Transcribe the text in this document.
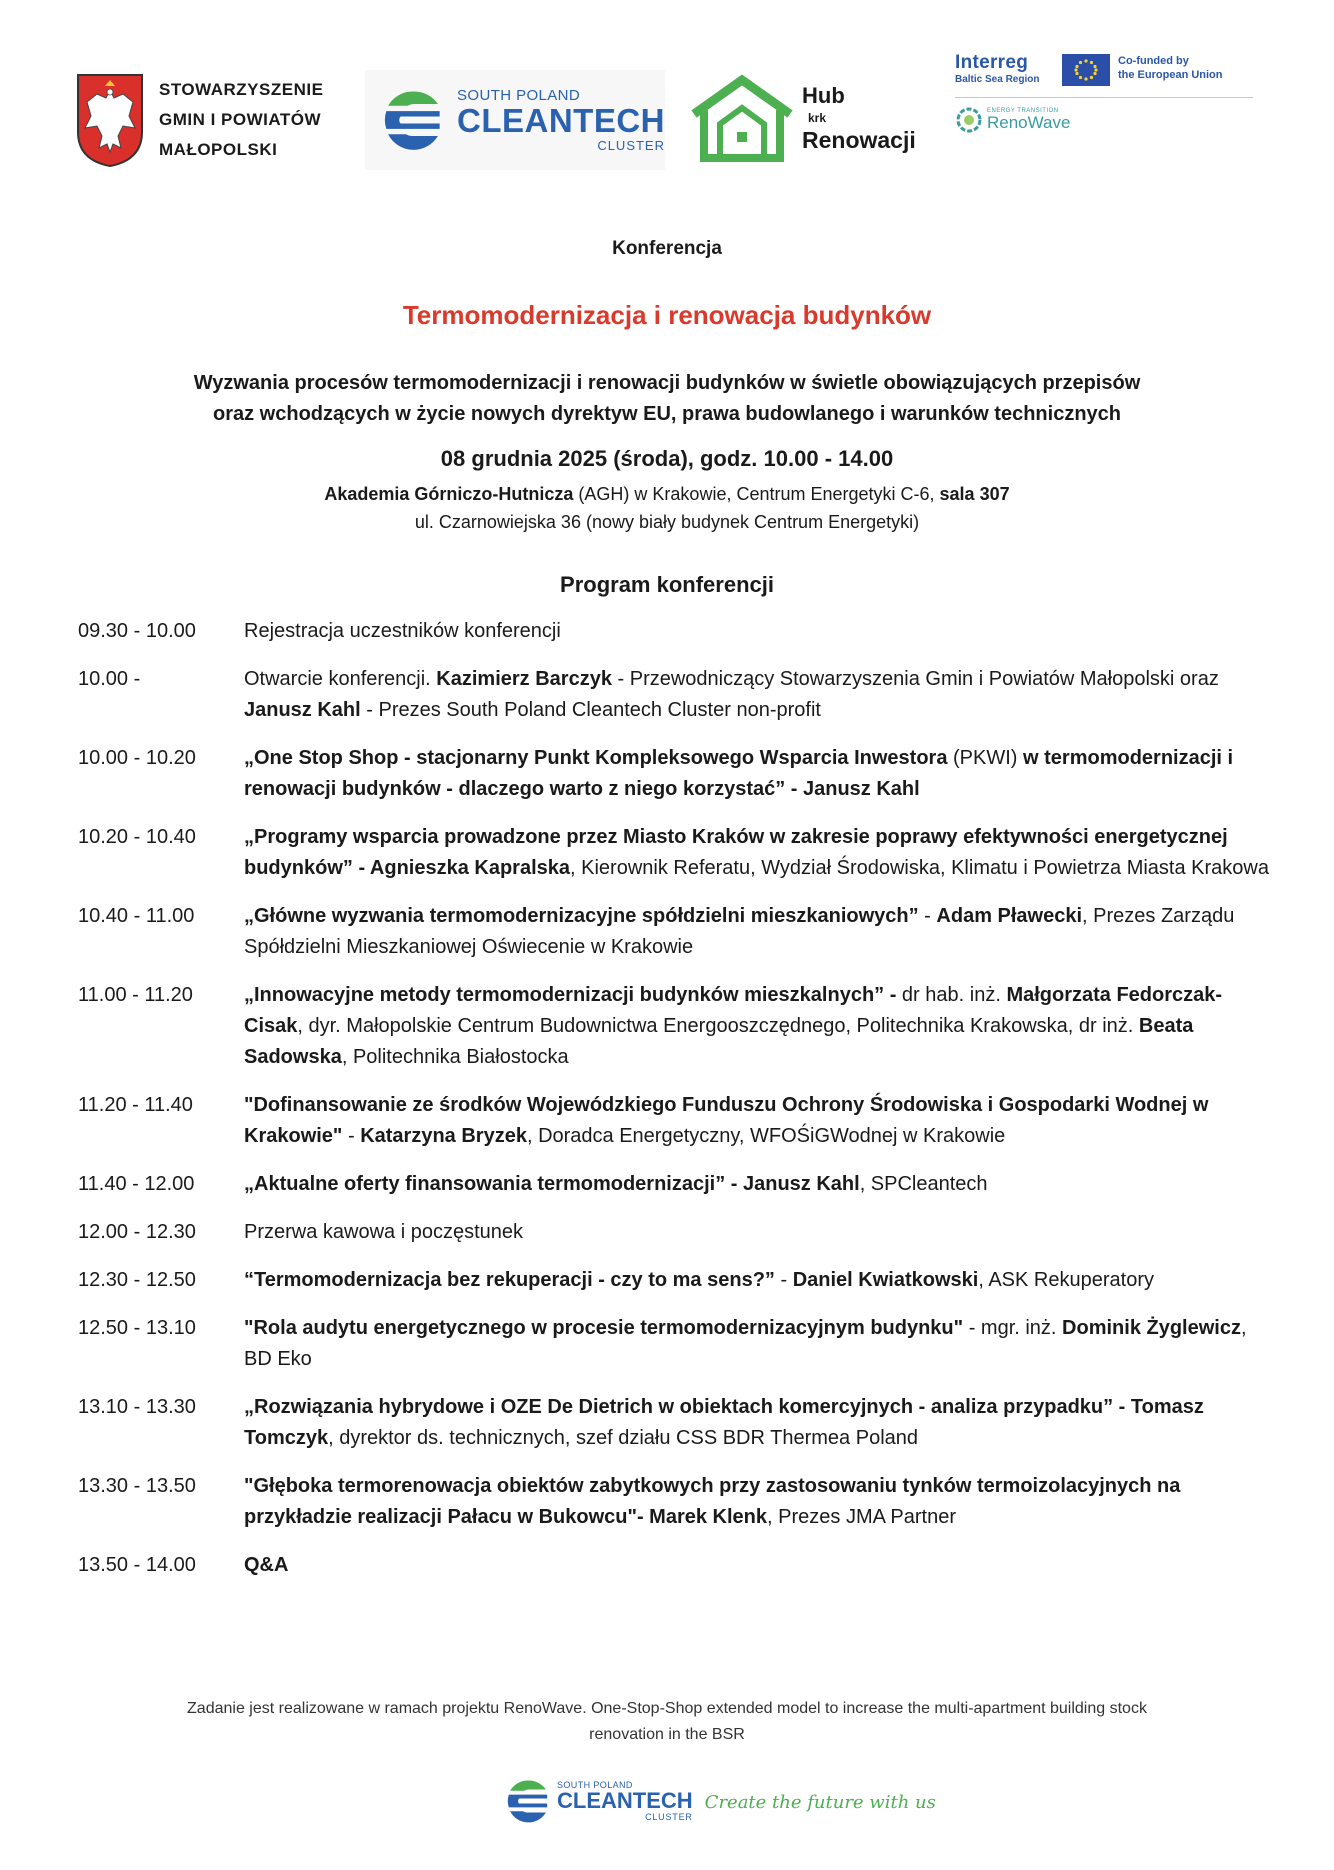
STOWARZYSZENIE
GMIN I POWIATÓW
MAŁOPOLSKI
SOUTH POLAND
CLEANTECH
CLUSTER
Hub
krk
Renowacji
Interreg
Baltic Sea Region
Co-funded by
the European Union
ENERGY TRANSITION
RenoWave
Konferencja
Termomodernizacja i renowacja budynków
Wyzwania procesów termomodernizacji i renowacji budynków w świetle obowiązujących przepisów
oraz wchodzących w życie nowych dyrektyw EU, prawa budowlanego i warunków technicznych
08 grudnia 2025 (środa), godz. 10.00 - 14.00
Akademia Górniczo-Hutnicza (AGH) w Krakowie, Centrum Energetyki C-6, sala 307
ul. Czarnowiejska 36 (nowy biały budynek Centrum Energetyki)
Program konferencji
09.30 - 10.00	Rejestracja uczestników konferencji
10.00 -	Otwarcie konferencji. Kazimierz Barczyk - Przewodniczący Stowarzyszenia Gmin i Powiatów Małopolski oraz Janusz Kahl - Prezes South Poland Cleantech Cluster non-profit
10.00 - 10.20	„One Stop Shop - stacjonarny Punkt Kompleksowego Wsparcia Inwestora (PKWI) w termomodernizacji i renowacji budynków - dlaczego warto z niego korzystać” - Janusz Kahl
10.20 - 10.40	„Programy wsparcia prowadzone przez Miasto Kraków w zakresie poprawy efektywności energetycznej budynków” - Agnieszka Kapralska, Kierownik Referatu, Wydział Środowiska, Klimatu i Powietrza Miasta Krakowa
10.40 - 11.00	„Główne wyzwania termomodernizacyjne spółdzielni mieszkaniowych” - Adam Pławecki, Prezes Zarządu Spółdzielni Mieszkaniowej Oświecenie w Krakowie
11.00 - 11.20	„Innowacyjne metody termomodernizacji budynków mieszkalnych” - dr hab. inż. Małgorzata Fedorczak-Cisak, dyr. Małopolskie Centrum Budownictwa Energooszczędnego, Politechnika Krakowska, dr inż. Beata Sadowska, Politechnika Białostocka
11.20 - 11.40	"Dofinansowanie ze środków Wojewódzkiego Funduszu Ochrony Środowiska i Gospodarki Wodnej w Krakowie" - Katarzyna Bryzek, Doradca Energetyczny, WFOŚiGWodnej w Krakowie
11.40 - 12.00	„Aktualne oferty finansowania termomodernizacji” - Janusz Kahl, SPCleantech
12.00 - 12.30	Przerwa kawowa i poczęstunek
12.30 - 12.50	“Termomodernizacja bez rekuperacji - czy to ma sens?” - Daniel Kwiatkowski, ASK Rekuperatory
12.50 - 13.10	"Rola audytu energetycznego w procesie termomodernizacyjnym budynku" - mgr. inż. Dominik Żyglewicz, BD Eko
13.10 - 13.30	„Rozwiązania hybrydowe i OZE De Dietrich w obiektach komercyjnych - analiza przypadku” - Tomasz Tomczyk, dyrektor ds. technicznych, szef działu CSS BDR Thermea Poland
13.30 - 13.50	"Głęboka termorenowacja obiektów zabytkowych przy zastosowaniu tynków termoizolacyjnych na przykładzie realizacji Pałacu w Bukowcu"- Marek Klenk, Prezes JMA Partner
13.50 - 14.00	Q&A
Zadanie jest realizowane w ramach projektu RenoWave. One-Stop-Shop extended model to increase the multi-apartment building stock
renovation in the BSR
SOUTH POLAND
CLEANTECH
CLUSTER
Create the future with us
